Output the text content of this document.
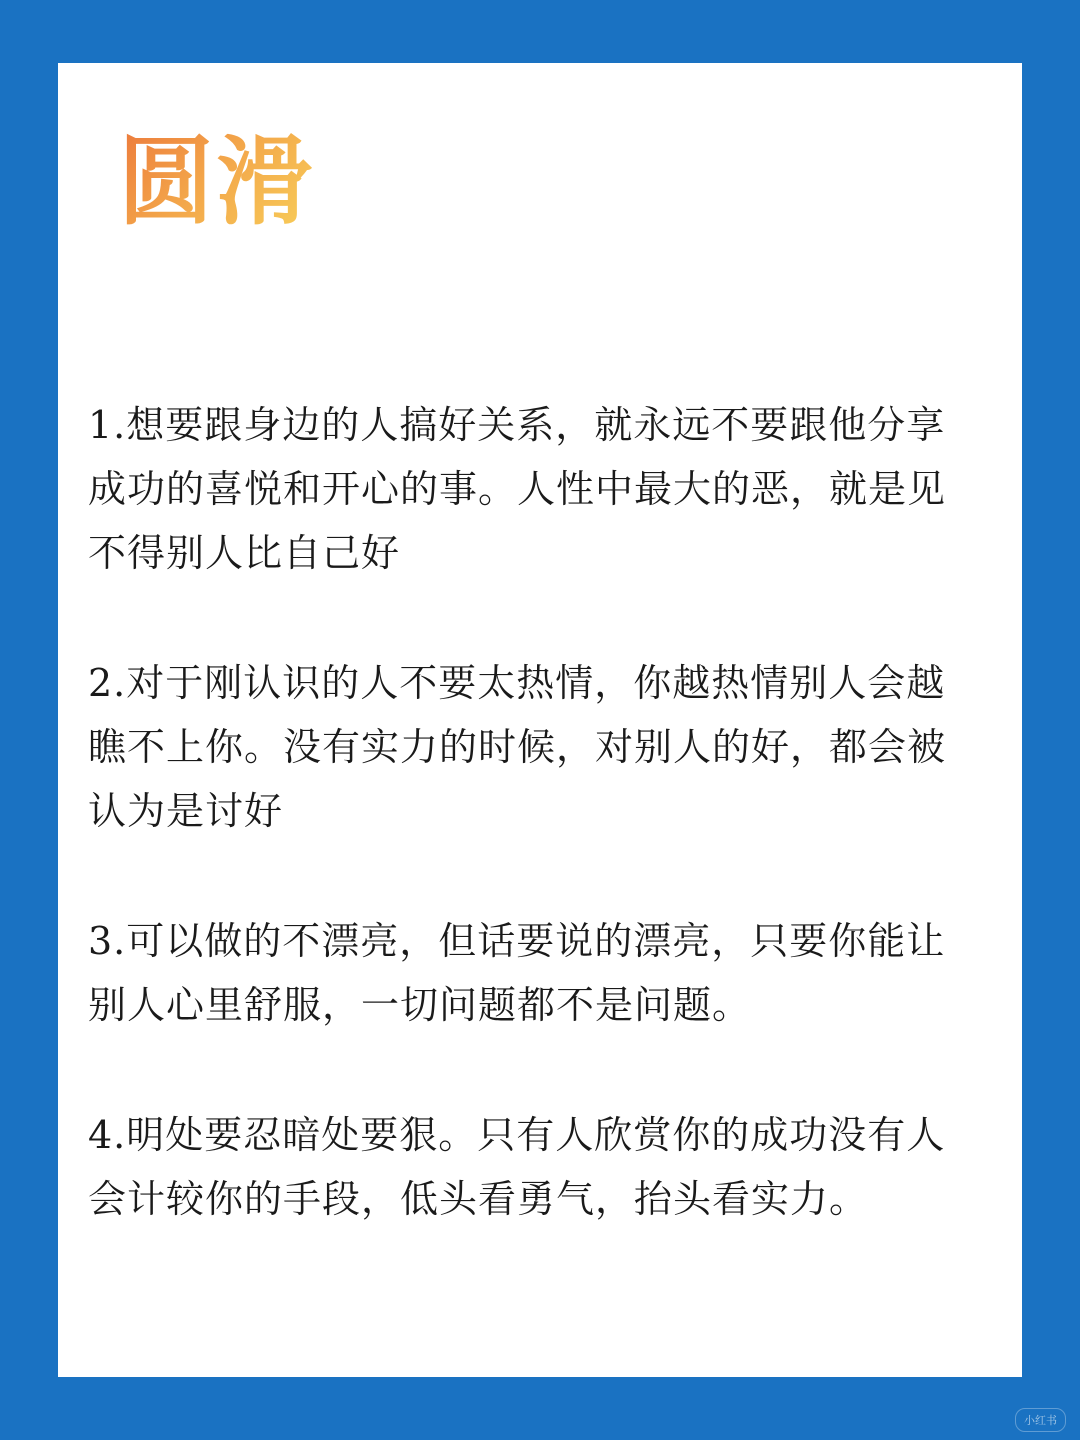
圆滑

1.想要跟身边的人搞好关系，就永远不要跟他分享成功的喜悦和开心的事。人性中最大的恶，就是见不得别人比自己好

2.对于刚认识的人不要太热情，你越热情别人会越瞧不上你。没有实力的时候，对别人的好，都会被认为是讨好

3.可以做的不漂亮，但话要说的漂亮，只要你能让别人心里舒服，一切问题都不是问题。

4.明处要忍暗处要狠。只有人欣赏你的成功没有人会计较你的手段，低头看勇气，抬头看实力。

小红书
